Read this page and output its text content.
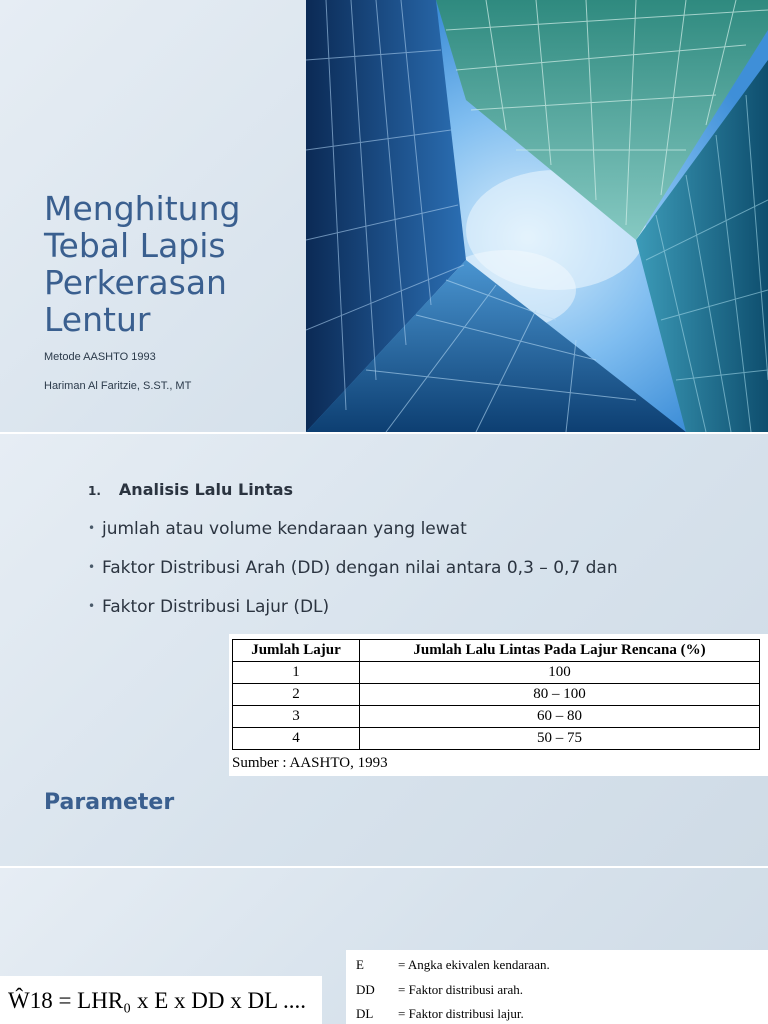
Menghitung
Tebal Lapis
Perkerasan
Lentur
Metode AASHTO 1993
Hariman Al Faritzie, S.ST., MT
1. Analisis Lalu Lintas
• jumlah atau volume kendaraan yang lewat
• Faktor Distribusi Arah (DD) dengan nilai antara 0,3 – 0,7 dan
• Faktor Distribusi Lajur (DL)
Jumlah Lajur	Jumlah Lalu Lintas Pada Lajur Rencana (%)
1	100
2	80 – 100
3	60 – 80
4	50 – 75
Sumber : AASHTO, 1993
Parameter
Ŵ18 = LHR₀ x E x DD x DL ....
E	= Angka ekivalen kendaraan.
DD = Faktor distribusi arah.
DL = Faktor distribusi lajur.
